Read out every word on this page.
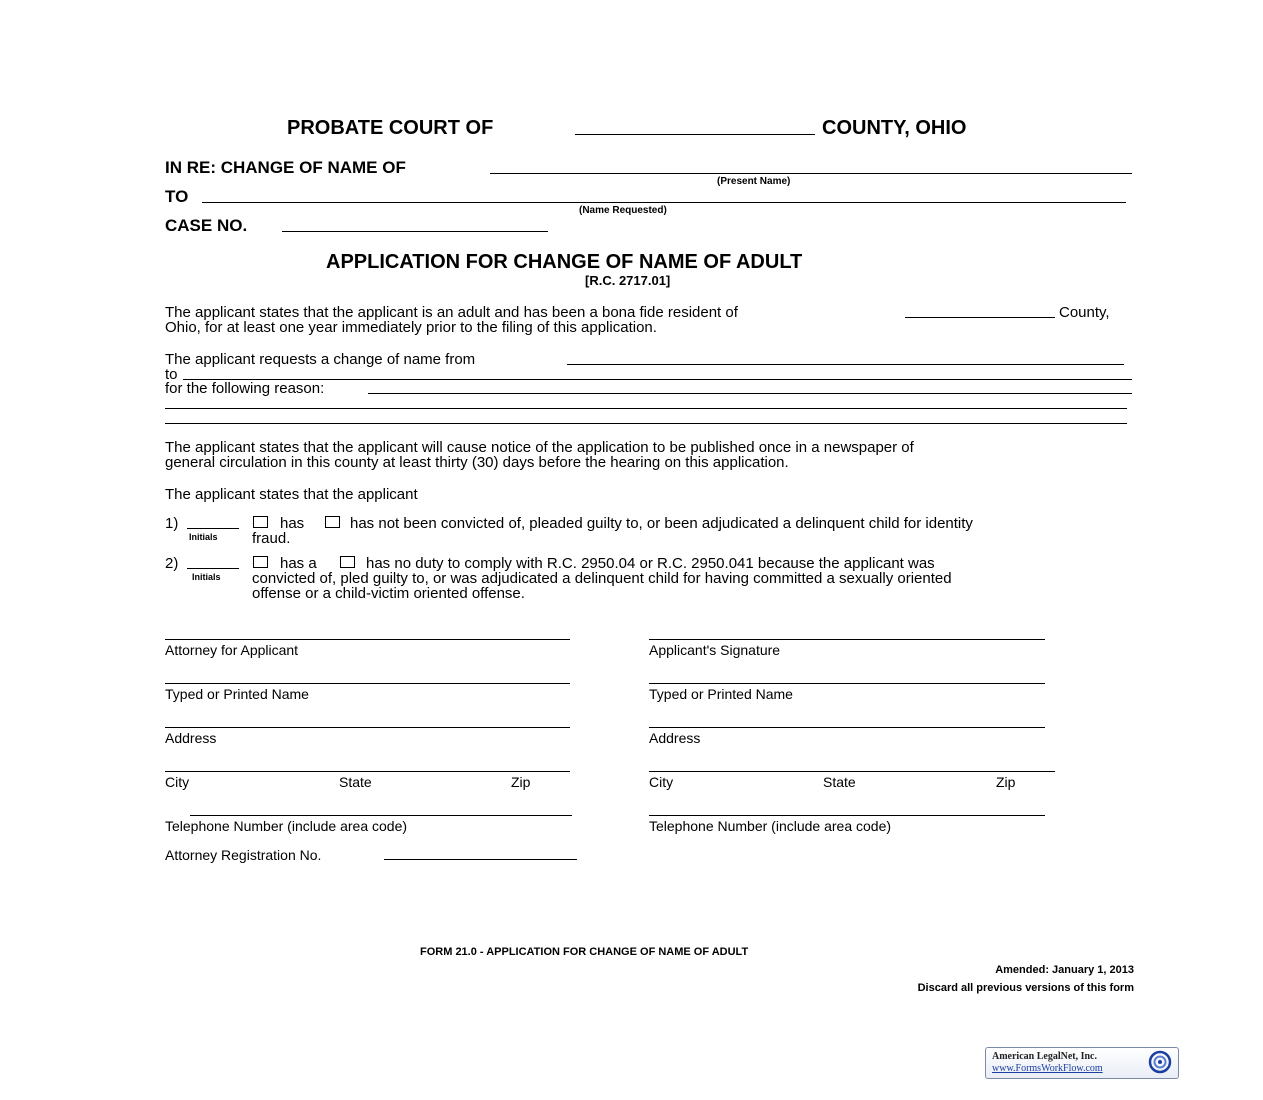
PROBATE COURT OF	COUNTY, OHIO
IN RE: CHANGE OF NAME OF
(Present Name)
TO
(Name Requested)
CASE NO.
APPLICATION FOR CHANGE OF NAME OF ADULT
[R.C. 2717.01]
The applicant states that the applicant is an adult and has been a bona fide resident of	County,
Ohio, for at least one year immediately prior to the filing of this application.
The applicant requests a change of name from
to
for the following reason:
The applicant states that the applicant will cause notice of the application to be published once in a newspaper of
general circulation in this county at least thirty (30) days before the hearing on this application.
The applicant states that the applicant
1)
Initials
has	has not been convicted of, pleaded guilty to, or been adjudicated a delinquent child for identity
fraud.
2)
Initials
has a	has no duty to comply with R.C. 2950.04 or R.C. 2950.041 because the applicant was
convicted of, pled guilty to, or was adjudicated a delinquent child for having committed a sexually oriented
offense or a child-victim oriented offense.
Attorney for Applicant
Typed or Printed Name
Address
City	State	Zip
Telephone Number (include area code)
Attorney Registration No.
Applicant's Signature
Typed or Printed Name
Address
City	State	Zip
Telephone Number (include area code)
FORM 21.0 - APPLICATION FOR CHANGE OF NAME OF ADULT
Amended: January 1, 2013
Discard all previous versions of this form
American LegalNet, Inc.
www.FormsWorkFlow.com
